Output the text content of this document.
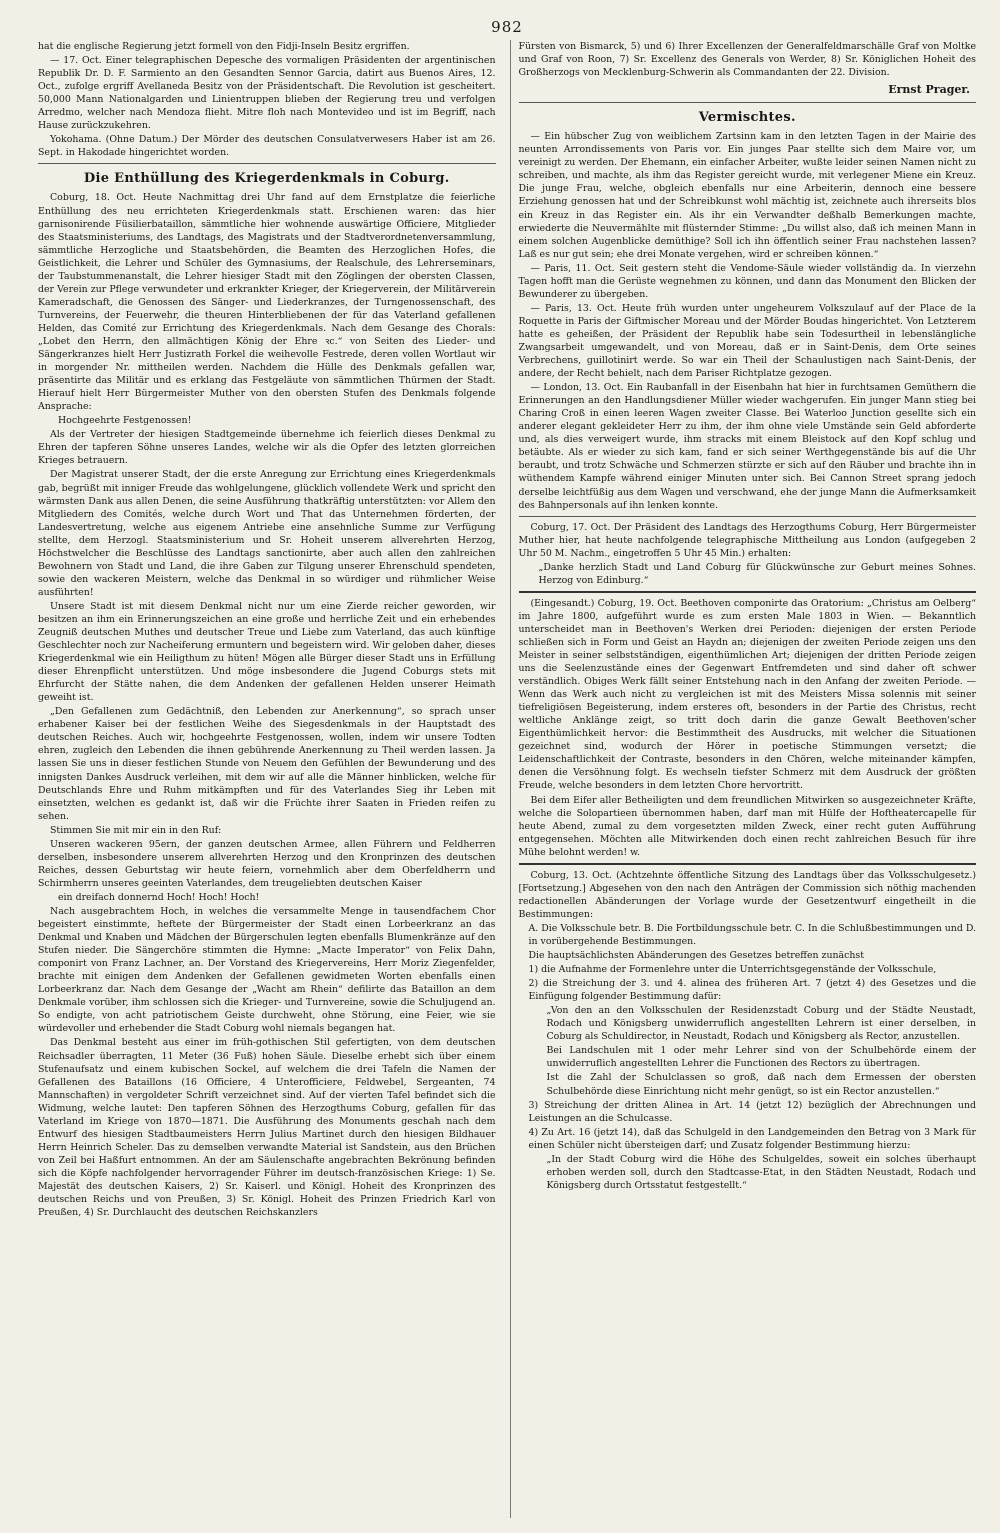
982

hat die englische Regierung jetzt formell von den Fidji-Inseln Besitz ergriffen.

— 17. Oct. Einer telegraphischen Depesche des vormaligen Präsidenten der argentinischen Republik Dr. D. F. Sarmiento an den Gesandten Sennor Garcia, datirt aus Buenos Aires, 12. Oct., zufolge ergriff Avellaneda Besitz von der Präsidentschaft. Die Revolution ist gescheitert. 50,000 Mann Nationalgarden und Linientruppen blieben der Regierung treu und verfolgen Arredmo, welcher nach Mendoza flieht. Mitre floh nach Montevideo und ist im Begriff, nach Hause zurückzukehren.

Yokohama. (Ohne Datum.) Der Mörder des deutschen Consulatverwesers Haber ist am 26. Sept. in Hakodade hingerichtet worden.

Die Enthüllung des Kriegerdenkmals in Coburg.

Coburg, 18. Oct. Heute Nachmittag drei Uhr fand auf dem Ernstplatze die feierliche Enthüllung des neu errichteten Kriegerdenkmals statt. Erschienen waren: das hier garnisonirende Füsilierbataillon, sämmtliche hier wohnende auswärtige Officiere, Mitglieder des Staatsministeriums, des Landtags, des Magistrats und der Stadtverordnetenversammlung, sämmtliche Herzogliche und Staatsbehörden, die Beamten des Herzoglichen Hofes, die Geistlichkeit, die Lehrer und Schüler des Gymnasiums, der Realschule, des Lehrerseminars, der Taubstummenanstalt, die Lehrer hiesiger Stadt mit den Zöglingen der obersten Classen, der Verein zur Pflege verwundeter und erkrankter Krieger, der Kriegerverein, der Militärverein Kameradschaft, die Genossen des Sänger- und Liederkranzes, der Turngenossenschaft, des Turnvereins, der Feuerwehr, die theuren Hinterbliebenen der für das Vaterland gefallenen Helden, das Comité zur Errichtung des Kriegerdenkmals. Nach dem Gesange des Chorals: „Lobet den Herrn, den allmächtigen König der Ehre ꝛc.“ von Seiten des Lieder- und Sängerkranzes hielt Herr Justizrath Forkel die weihevolle Festrede, deren vollen Wortlaut wir in morgender Nr. mittheilen werden. Nachdem die Hülle des Denkmals gefallen war, präsentirte das Militär und es erklang das Festgeläute von sämmtlichen Thürmen der Stadt. Hierauf hielt Herr Bürgermeister Muther von den obersten Stufen des Denkmals folgende Ansprache:

Hochgeehrte Festgenossen!

Als der Vertreter der hiesigen Stadtgemeinde übernehme ich feierlich dieses Denkmal zu Ehren der tapferen Söhne unseres Landes, welche wir als die Opfer des letzten glorreichen Krieges betrauern.

Der Magistrat unserer Stadt, der die erste Anregung zur Errichtung eines Kriegerdenkmals gab, begrüßt mit inniger Freude das wohlgelungene, glücklich vollendete Werk und spricht den wärmsten Dank aus allen Denen, die seine Ausführung thatkräftig unterstützten: vor Allem den Mitgliedern des Comités, welche durch Wort und That das Unternehmen förderten, der Landesvertretung, welche aus eigenem Antriebe eine ansehnliche Summe zur Verfügung stellte, dem Herzogl. Staatsministerium und Sr. Hoheit unserem allverehrten Herzog, Höchstwelcher die Beschlüsse des Landtags sanctionirte, aber auch allen den zahlreichen Bewohnern von Stadt und Land, die ihre Gaben zur Tilgung unserer Ehrenschuld spendeten, sowie den wackeren Meistern, welche das Denkmal in so würdiger und rühmlicher Weise ausführten!

Unsere Stadt ist mit diesem Denkmal nicht nur um eine Zierde reicher geworden, wir besitzen an ihm ein Erinnerungszeichen an eine große und herrliche Zeit und ein erhebendes Zeugniß deutschen Muthes und deutscher Treue und Liebe zum Vaterland, das auch künftige Geschlechter noch zur Nacheiferung ermuntern und begeistern wird. Wir geloben daher, dieses Kriegerdenkmal wie ein Heiligthum zu hüten! Mögen alle Bürger dieser Stadt uns in Erfüllung dieser Ehrenpflicht unterstützen. Und möge insbesondere die Jugend Coburgs stets mit Ehrfurcht der Stätte nahen, die dem Andenken der gefallenen Helden unserer Heimath geweiht ist.

„Den Gefallenen zum Gedächtniß, den Lebenden zur Anerkennung“, so sprach unser erhabener Kaiser bei der festlichen Weihe des Siegesdenkmals in der Hauptstadt des deutschen Reiches. Auch wir, hochgeehrte Festgenossen, wollen, indem wir unsere Todten ehren, zugleich den Lebenden die ihnen gebührende Anerkennung zu Theil werden lassen. Ja lassen Sie uns in dieser festlichen Stunde von Neuem den Gefühlen der Bewunderung und des innigsten Dankes Ausdruck verleihen, mit dem wir auf alle die Männer hinblicken, welche für Deutschlands Ehre und Ruhm mitkämpften und für des Vaterlandes Sieg ihr Leben mit einsetzten, welchen es gedankt ist, daß wir die Früchte ihrer Saaten in Frieden reifen zu sehen.

Stimmen Sie mit mir ein in den Ruf:

Unseren wackeren 95ern, der ganzen deutschen Armee, allen Führern und Feldherren derselben, insbesondere unserem allverehrten Herzog und den Kronprinzen des deutschen Reiches, dessen Geburtstag wir heute feiern, vornehmlich aber dem Oberfeldherrn und Schirmherrn unseres geeinten Vaterlandes, dem treugeliebten deutschen Kaiser

ein dreifach donnernd Hoch! Hoch! Hoch!

Nach ausgebrachtem Hoch, in welches die versammelte Menge in tausendfachem Chor begeistert einstimmte, heftete der Bürgermeister der Stadt einen Lorbeerkranz an das Denkmal und Knaben und Mädchen der Bürgerschulen legten ebenfalls Blumenkränze auf den Stufen nieder. Die Sängerchöre stimmten die Hymne: „Macte Imperator“ von Felix Dahn, componirt von Franz Lachner, an. Der Vorstand des Kriegervereins, Herr Moriz Ziegenfelder, brachte mit einigen dem Andenken der Gefallenen gewidmeten Worten ebenfalls einen Lorbeerkranz dar. Nach dem Gesange der „Wacht am Rhein“ defilirte das Bataillon an dem Denkmale vorüber, ihm schlossen sich die Krieger- und Turnvereine, sowie die Schuljugend an. So endigte, von acht patriotischem Geiste durchweht, ohne Störung, eine Feier, wie sie würdevoller und erhebender die Stadt Coburg wohl niemals begangen hat.

Das Denkmal besteht aus einer im früh-gothischen Stil gefertigten, von dem deutschen Reichsadler überragten, 11 Meter (36 Fuß) hohen Säule. Dieselbe erhebt sich über einem Stufenaufsatz und einem kubischen Sockel, auf welchem die drei Tafeln die Namen der Gefallenen des Bataillons (16 Officiere, 4 Unterofficiere, Feldwebel, Sergeanten, 74 Mannschaften) in vergoldeter Schrift verzeichnet sind. Auf der vierten Tafel befindet sich die Widmung, welche lautet: Den tapferen Söhnen des Herzogthums Coburg, gefallen für das Vaterland im Kriege von 1870—1871. Die Ausführung des Monuments geschah nach dem Entwurf des hiesigen Stadtbaumeisters Herrn Julius Martinet durch den hiesigen Bildhauer Herrn Heinrich Scheler. Das zu demselben verwandte Material ist Sandstein, aus den Brüchen von Zeil bei Haßfurt entnommen. An der am Säulenschafte angebrachten Bekrönung befinden sich die Köpfe nachfolgender hervorragender Führer im deutsch-französischen Kriege: 1) Se. Majestät des deutschen Kaisers, 2) Sr. Kaiserl. und Königl. Hoheit des Kronprinzen des deutschen Reichs und von Preußen, 3) Sr. Königl. Hoheit des Prinzen Friedrich Karl von Preußen, 4) Sr. Durchlaucht des deutschen Reichskanzlers

Fürsten von Bismarck, 5) und 6) Ihrer Excellenzen der Generalfeldmarschälle Graf von Moltke und Graf von Roon, 7) Sr. Excellenz des Generals von Werder, 8) Sr. Königlichen Hoheit des Großherzogs von Mecklenburg-Schwerin als Commandanten der 22. Division.

Ernst Prager.
Vermischtes.

— Ein hübscher Zug von weiblichem Zartsinn kam in den letzten Tagen in der Mairie des neunten Arrondissements von Paris vor. Ein junges Paar stellte sich dem Maire vor, um vereinigt zu werden. Der Ehemann, ein einfacher Arbeiter, wußte leider seinen Namen nicht zu schreiben, und machte, als ihm das Register gereicht wurde, mit verlegener Miene ein Kreuz. Die junge Frau, welche, obgleich ebenfalls nur eine Arbeiterin, dennoch eine bessere Erziehung genossen hat und der Schreibkunst wohl mächtig ist, zeichnete auch ihrerseits blos ein Kreuz in das Register ein. Als ihr ein Verwandter deßhalb Bemerkungen machte, erwiederte die Neuvermählte mit flüsternder Stimme: „Du willst also, daß ich meinen Mann in einem solchen Augenblicke demüthige? Soll ich ihn öffentlich seiner Frau nachstehen lassen? Laß es nur gut sein; ehe drei Monate vergehen, wird er schreiben können.“

— Paris, 11. Oct. Seit gestern steht die Vendome-Säule wieder vollständig da. In vierzehn Tagen hofft man die Gerüste wegnehmen zu können, und dann das Monument den Blicken der Bewunderer zu übergeben.

— Paris, 13. Oct. Heute früh wurden unter ungeheurem Volkszulauf auf der Place de la Roquette in Paris der Giftmischer Moreau und der Mörder Boudas hingerichtet. Von Letzterem hatte es geheißen, der Präsident der Republik habe sein Todesurtheil in lebenslängliche Zwangsarbeit umgewandelt, und von Moreau, daß er in Saint-Denis, dem Orte seines Verbrechens, guillotinirt werde. So war ein Theil der Schaulustigen nach Saint-Denis, der andere, der Recht behielt, nach dem Pariser Richtplatze gezogen.

— London, 13. Oct. Ein Raubanfall in der Eisenbahn hat hier in furchtsamen Gemüthern die Erinnerungen an den Handlungsdiener Müller wieder wachgerufen. Ein junger Mann stieg bei Charing Croß in einen leeren Wagen zweiter Classe. Bei Waterloo Junction gesellte sich ein anderer elegant gekleideter Herr zu ihm, der ihm ohne viele Umstände sein Geld abforderte und, als dies verweigert wurde, ihm stracks mit einem Bleistock auf den Kopf schlug und betäubte. Als er wieder zu sich kam, fand er sich seiner Werthgegenstände bis auf die Uhr beraubt, und trotz Schwäche und Schmerzen stürzte er sich auf den Räuber und brachte ihn in wüthendem Kampfe während einiger Minuten unter sich. Bei Cannon Street sprang jedoch derselbe leichtfüßig aus dem Wagen und verschwand, ehe der junge Mann die Aufmerksamkeit des Bahnpersonals auf ihn lenken konnte.

Coburg, 17. Oct. Der Präsident des Landtags des Herzogthums Coburg, Herr Bürgermeister Muther hier, hat heute nachfolgende telegraphische Mittheilung aus London (aufgegeben 2 Uhr 50 M. Nachm., eingetroffen 5 Uhr 45 Min.) erhalten:

„Danke herzlich Stadt und Land Coburg für Glückwünsche zur Geburt meines Sohnes. Herzog von Edinburg.“

(Eingesandt.) Coburg, 19. Oct. Beethoven componirte das Oratorium: „Christus am Oelberg“ im Jahre 1800, aufgeführt wurde es zum ersten Male 1803 in Wien. — Bekanntlich unterscheidet man in Beethoven's Werken drei Perioden: diejenigen der ersten Periode schließen sich in Form und Geist an Haydn an; diejenigen der zweiten Periode zeigen uns den Meister in seiner selbstständigen, eigenthümlichen Art; diejenigen der dritten Periode zeigen uns die Seelenzustände eines der Gegenwart Entfremdeten und sind daher oft schwer verständlich. Obiges Werk fällt seiner Entstehung nach in den Anfang der zweiten Periode. — Wenn das Werk auch nicht zu vergleichen ist mit des Meisters Missa solennis mit seiner tiefreligiösen Begeisterung, indem ersteres oft, besonders in der Partie des Christus, recht weltliche Anklänge zeigt, so tritt doch darin die ganze Gewalt Beethoven'scher Eigenthümlichkeit hervor: die Bestimmtheit des Ausdrucks, mit welcher die Situationen gezeichnet sind, wodurch der Hörer in poetische Stimmungen versetzt; die Leidenschaftlichkeit der Contraste, besonders in den Chören, welche miteinander kämpfen, denen die Versöhnung folgt. Es wechseln tiefster Schmerz mit dem Ausdruck der größten Freude, welche besonders in dem letzten Chore hervortritt.

Bei dem Eifer aller Betheiligten und dem freundlichen Mitwirken so ausgezeichneter Kräfte, welche die Solopartieen übernommen haben, darf man mit Hülfe der Hoftheatercapelle für heute Abend, zumal zu dem vorgesetzten milden Zweck, einer recht guten Aufführung entgegensehen. Möchten alle Mitwirkenden doch einen recht zahlreichen Besuch für ihre Mühe belohnt werden! w.

Coburg, 13. Oct. (Achtzehnte öffentliche Sitzung des Landtags über das Volksschulgesetz.) [Fortsetzung.] Abgesehen von den nach den Anträgen der Commission sich nöthig machenden redactionellen Abänderungen der Vorlage wurde der Gesetzentwurf eingetheilt in die Bestimmungen:

A. Die Volksschule betr. B. Die Fortbildungsschule betr. C. In die Schlußbestimmungen und D. in vorübergehende Bestimmungen.

Die hauptsächlichsten Abänderungen des Gesetzes betreffen zunächst

1) die Aufnahme der Formenlehre unter die Unterrichtsgegenstände der Volksschule,

2) die Streichung der 3. und 4. alinea des früheren Art. 7 (jetzt 4) des Gesetzes und die Einfügung folgender Bestimmung dafür:

„Von den an den Volksschulen der Residenzstadt Coburg und der Städte Neustadt, Rodach und Königsberg unwiderruflich angestellten Lehrern ist einer derselben, in Coburg als Schuldirector, in Neustadt, Rodach und Königsberg als Rector, anzustellen.

Bei Landschulen mit 1 oder mehr Lehrer sind von der Schulbehörde einem der unwiderruflich angestellten Lehrer die Functionen des Rectors zu übertragen.

Ist die Zahl der Schulclassen so groß, daß nach dem Ermessen der obersten Schulbehörde diese Einrichtung nicht mehr genügt, so ist ein Rector anzustellen.“

3) Streichung der dritten Alinea in Art. 14 (jetzt 12) bezüglich der Abrechnungen und Leistungen an die Schulcasse.

4) Zu Art. 16 (jetzt 14), daß das Schulgeld in den Landgemeinden den Betrag von 3 Mark für einen Schüler nicht übersteigen darf; und Zusatz folgender Bestimmung hierzu:

„In der Stadt Coburg wird die Höhe des Schulgeldes, soweit ein solches überhaupt erhoben werden soll, durch den Stadtcasse-Etat, in den Städten Neustadt, Rodach und Königsberg durch Ortsstatut festgestellt.“
